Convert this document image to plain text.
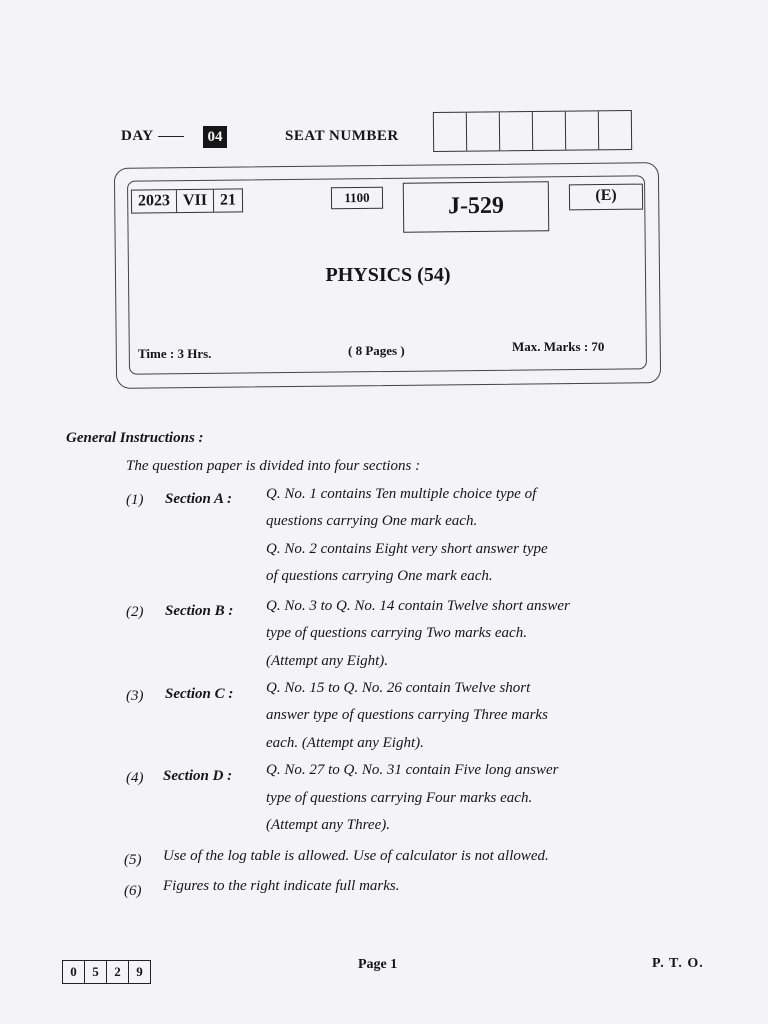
DAY	04	SEAT NUMBER
2023 VII 21	1100	J-529	(E)
PHYSICS (54)
Time : 3 Hrs.	( 8 Pages )	Max. Marks : 70
General Instructions :
The question paper is divided into four sections :
(1) Section A : Q. No. 1 contains Ten multiple choice type of
questions carrying One mark each.
Q. No. 2 contains Eight very short answer type
of questions carrying One mark each.
(2) Section B : Q. No. 3 to Q. No. 14 contain Twelve short answer
type of questions carrying Two marks each.
(Attempt any Eight).
(3) Section C : Q. No. 15 to Q. No. 26 contain Twelve short
answer type of questions carrying Three marks
each. (Attempt any Eight).
(4) Section D : Q. No. 27 to Q. No. 31 contain Five long answer
type of questions carrying Four marks each.
(Attempt any Three).
(5) Use of the log table is allowed. Use of calculator is not allowed.
(6) Figures to the right indicate full marks.
0	5	2	9	Page 1	P. T. O.
